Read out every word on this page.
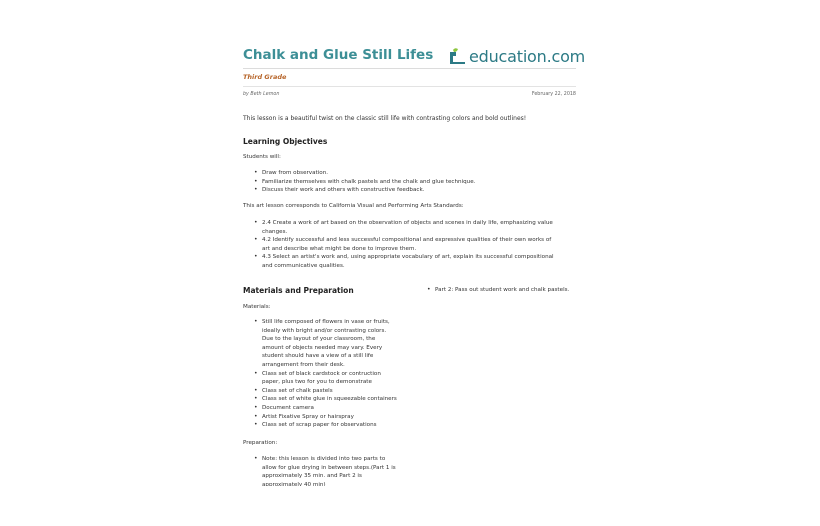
Chalk and Glue Still Lifes education.com
Third Grade
by Beth Lemon	February 22, 2018
This lesson is a beautiful twist on the classic still life with contrasting colors and bold outlines!
Learning Objectives
Students will:
• Draw from observation.
• Familiarize themselves with chalk pastels and the chalk and glue technique.
• Discuss their work and others with constructive feedback.
This art lesson corresponds to California Visual and Performing Arts Standards:
• 2.4 Create a work of art based on the observation of objects and scenes in daily life, emphasizing value
changes.
• 4.2 Identify successful and less successful compositional and expressive qualities of their own works of
art and describe what might be done to improve them.
• 4.3 Select an artist's work and, using appropriate vocabulary of art, explain its successful compositional
and communicative qualities.
Materials and Preparation
Materials:
• Still life composed of flowers in vase or fruits,
ideally with bright and/or contrasting colors.
Due to the layout of your classroom, the
amount of objects needed may vary. Every
student should have a view of a still life
arrangement from their desk.
• Class set of black cardstock or contruction
paper, plus two for you to demonstrate
• Class set of chalk pastels
• Class set of white glue in squeezable containers
• Document camera
• Artist Fixative Spray or hairspray
• Class set of scrap paper for observations
Preparation:
• Note: this lesson is divided into two parts to
allow for glue drying in between steps.(Part 1 is
approximately 35 min. and Part 2 is
approximately 40 min)
• Part 2: Pass out student work and chalk pastels.
